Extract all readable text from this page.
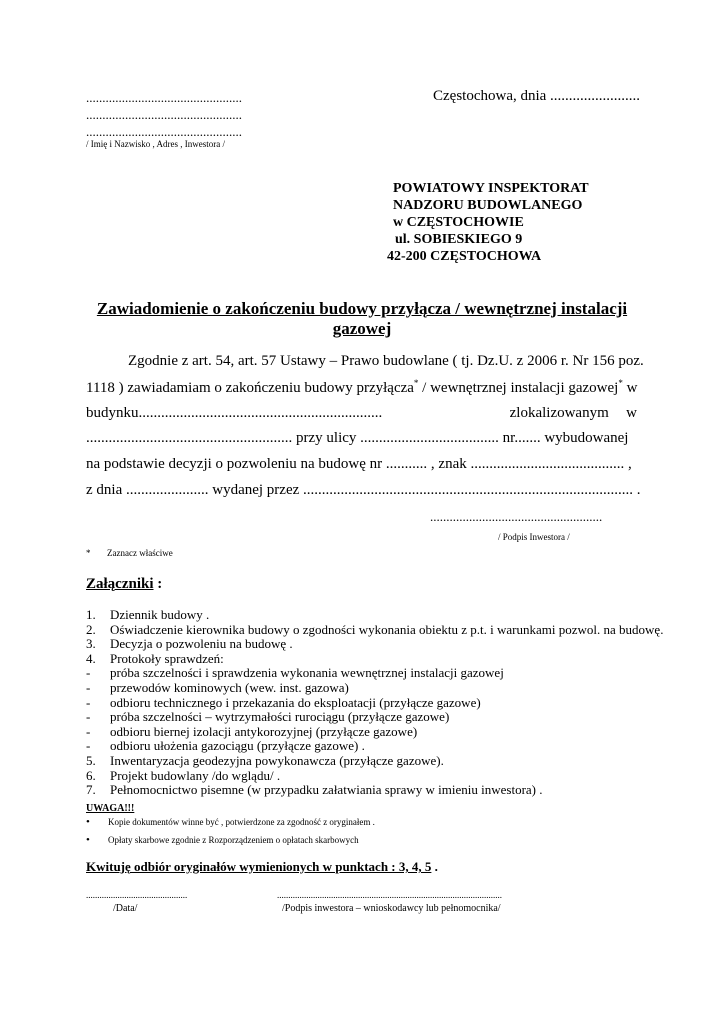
................................................
................................................
................................................
/ Imię i Nazwisko , Adres , Inwestora /
Częstochowa, dnia ........................
POWIATOWY INSPEKTORAT
NADZORU BUDOWLANEGO
w CZĘSTOCHOWIE
ul. SOBIESKIEGO 9
42-200 CZĘSTOCHOWA
Zawiadomienie o zakończeniu budowy przyłącza / wewnętrznej instalacji
gazowej
Zgodnie z art. 54, art. 57 Ustawy – Prawo budowlane ( tj. Dz.U. z 2006 r. Nr 156 poz.
1118 ) zawiadamiam o zakończeniu budowy przyłącza* / wewnętrznej instalacji gazowej* w
budynku.................................................................	zlokalizowanym w
....................................................... przy ulicy ..................................... nr....... wybudowanej
na podstawie decyzji o pozwoleniu na budowę nr ........... , znak ......................................... ,
z dnia ...................... wydanej przez ........................................................................................ .
.....................................................
/ Podpis Inwestora /
* Zaznacz właściwe
Załączniki :
1.	Dziennik budowy .
2.	Oświadczenie kierownika budowy o zgodności wykonania obiektu z p.t. i warunkami pozwol. na budowę.
3.	Decyzja o pozwoleniu na budowę .
4.	Protokoły sprawdzeń:
-	próba szczelności i sprawdzenia wykonania wewnętrznej instalacji gazowej
-	przewodów kominowych (wew. inst. gazowa)
-	odbioru technicznego i przekazania do eksploatacji (przyłącze gazowe)
-	próba szczelności – wytrzymałości rurociągu (przyłącze gazowe)
-	odbioru biernej izolacji antykorozyjnej (przyłącze gazowe)
-	odbioru ułożenia gazociągu (przyłącze gazowe) .
5.	Inwentaryzacja geodezyjna powykonawcza (przyłącze gazowe).
6.	Projekt budowlany /do wglądu/ .
7.	Pełnomocnictwo pisemne (w przypadku załatwiania sprawy w imieniu inwestora) .
UWAGA!!!
•	Kopie dokumentów winne być , potwierdzone za zgodność z oryginałem .
•	Opłaty skarbowe zgodnie z Rozporządzeniem o opłatach skarbowych
Kwituję odbiór oryginałów wymienionych w punktach : 3, 4, 5 .
.............................................
/Data/
....................................................................................................
/Podpis inwestora – wnioskodawcy lub pełnomocnika/
